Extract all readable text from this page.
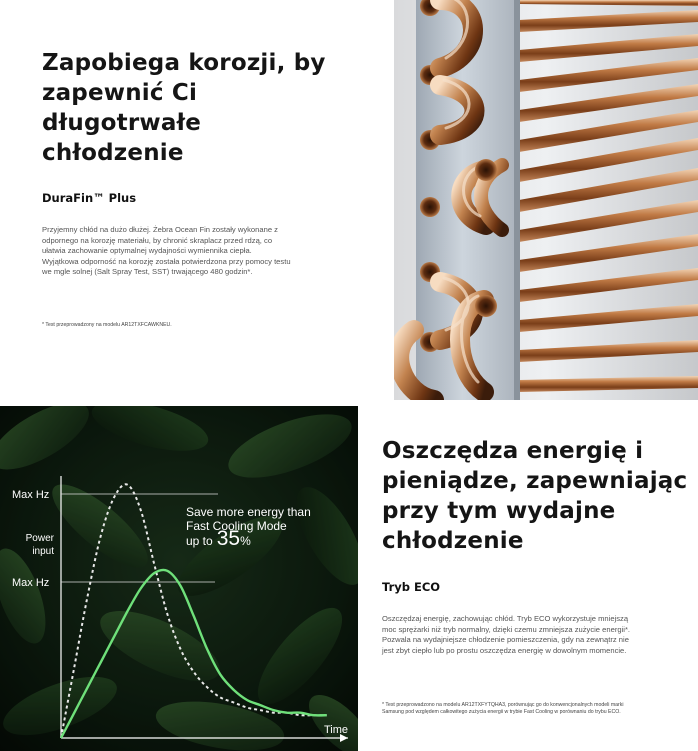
Zapobiega korozji, by
zapewnić Ci
długotrwałe
chłodzenie
DuraFin™ Plus

Przyjemny chłód na dużo dłużej. Żebra Ocean Fin zostały wykonane z
odpornego na korozję materiału, by chronić skraplacz przed rdzą, co
ułatwia zachowanie optymalnej wydajności wymiennika ciepła.
Wyjątkowa odporność na korozję została potwierdzona przy pomocy testu
we mgle solnej (Salt Spray Test, SST) trwającego 480 godzin*.

* Test przeprowadzony na modelu AR12TXFCAWKNEU.

Max Hz
Max Hz
Power
input
Time
Save more energy than
Fast Cooling Mode
up to 35%
Oszczędza energię i
pieniądze, zapewniając
przy tym wydajne
chłodzenie
Tryb ECO

Oszczędzaj energię, zachowując chłód. Tryb ECO wykorzystuje mniejszą
moc sprężarki niż tryb normalny, dzięki czemu zmniejsza zużycie energii*.
Pozwala na wydajniejsze chłodzenie pomieszczenia, gdy na zewnątrz nie
jest zbyt ciepło lub po prostu oszczędza energię w dowolnym momencie.

* Test przeprowadzono na modelu AR12TXFYTQHA3, porównując go do konwencjonalnych modeli marki
Samsung pod względem całkowitego zużycia energii w trybie Fast Cooling w porównaniu do trybu ECO.
